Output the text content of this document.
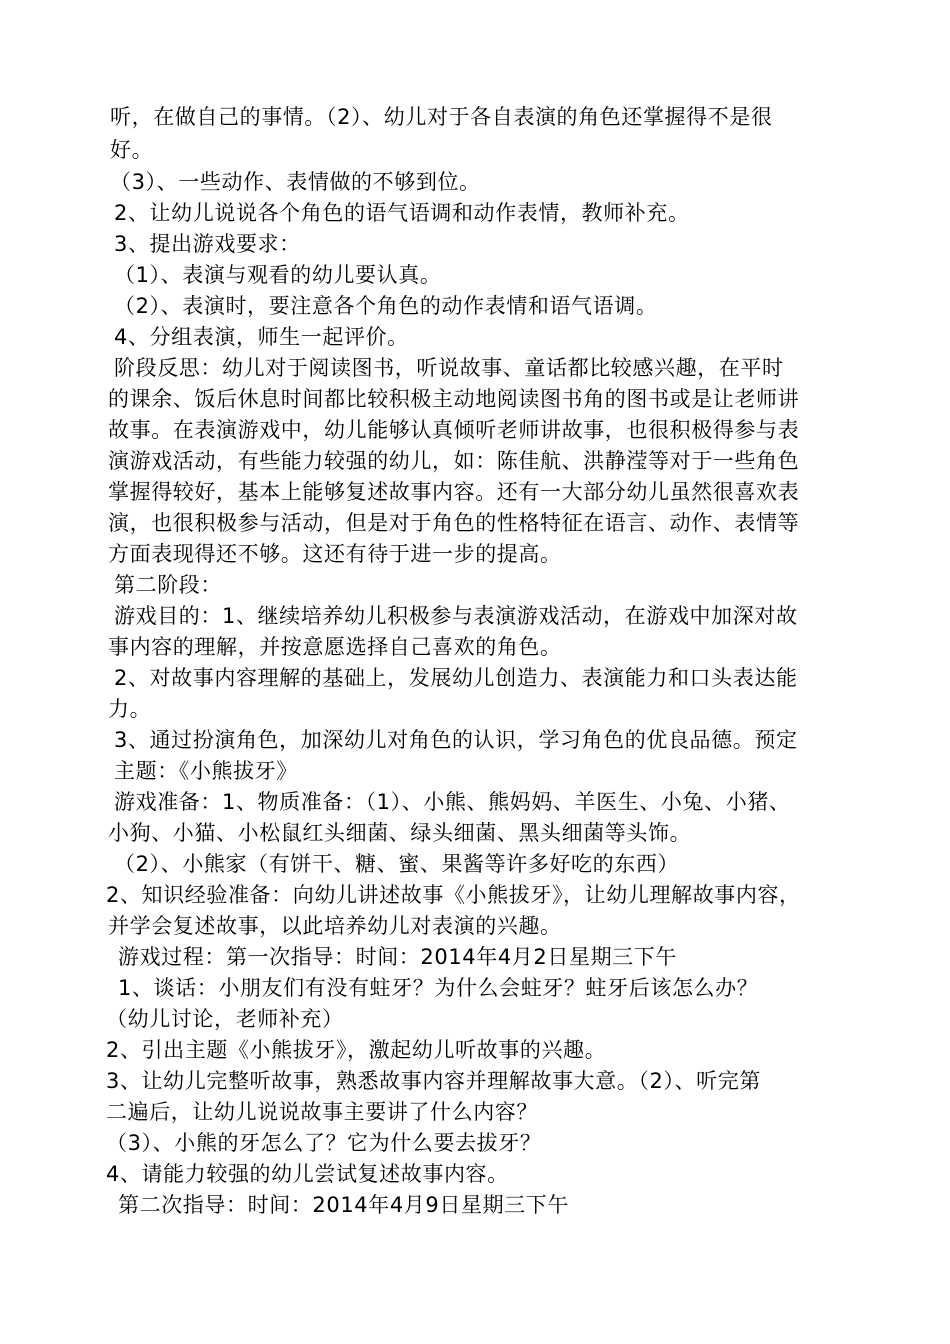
听，在做自己的事情。（2）、幼儿对于各自表演的角色还掌握得不是很
好。
（3）、一些动作、表情做的不够到位。
2、让幼儿说说各个角色的语气语调和动作表情，教师补充。
3、提出游戏要求：
（1）、表演与观看的幼儿要认真。
（2）、表演时，要注意各个角色的动作表情和语气语调。
4、分组表演，师生一起评价。
阶段反思：幼儿对于阅读图书，听说故事、童话都比较感兴趣，在平时
的课余、饭后休息时间都比较积极主动地阅读图书角的图书或是让老师讲
故事。在表演游戏中，幼儿能够认真倾听老师讲故事，也很积极得参与表
演游戏活动，有些能力较强的幼儿，如：陈佳航、洪静滢等对于一些角色
掌握得较好，基本上能够复述故事内容。还有一大部分幼儿虽然很喜欢表
演，也很积极参与活动，但是对于角色的性格特征在语言、动作、表情等
方面表现得还不够。这还有待于进一步的提高。
第二阶段：
游戏目的：1、继续培养幼儿积极参与表演游戏活动，在游戏中加深对故
事内容的理解，并按意愿选择自己喜欢的角色。
2、对故事内容理解的基础上，发展幼儿创造力、表演能力和口头表达能
力。
3、通过扮演角色，加深幼儿对角色的认识，学习角色的优良品德。预定
主题：《小熊拔牙》
游戏准备：1、物质准备：（1）、小熊、熊妈妈、羊医生、小兔、小猪、
小狗、小猫、小松鼠红头细菌、绿头细菌、黑头细菌等头饰。
（2）、小熊家（有饼干、糖、蜜、果酱等许多好吃的东西）
2、知识经验准备：向幼儿讲述故事《小熊拔牙》，让幼儿理解故事内容，
并学会复述故事，以此培养幼儿对表演的兴趣。
游戏过程：第一次指导：时间：2014年4月2日星期三下午
1、谈话：小朋友们有没有蛀牙？为什么会蛀牙？蛀牙后该怎么办？
（幼儿讨论，老师补充）
2、引出主题《小熊拔牙》，激起幼儿听故事的兴趣。
3、让幼儿完整听故事，熟悉故事内容并理解故事大意。（2）、听完第
二遍后，让幼儿说说故事主要讲了什么内容？
（3）、小熊的牙怎么了？它为什么要去拔牙？
4、请能力较强的幼儿尝试复述故事内容。
第二次指导：时间：2014年4月9日星期三下午
